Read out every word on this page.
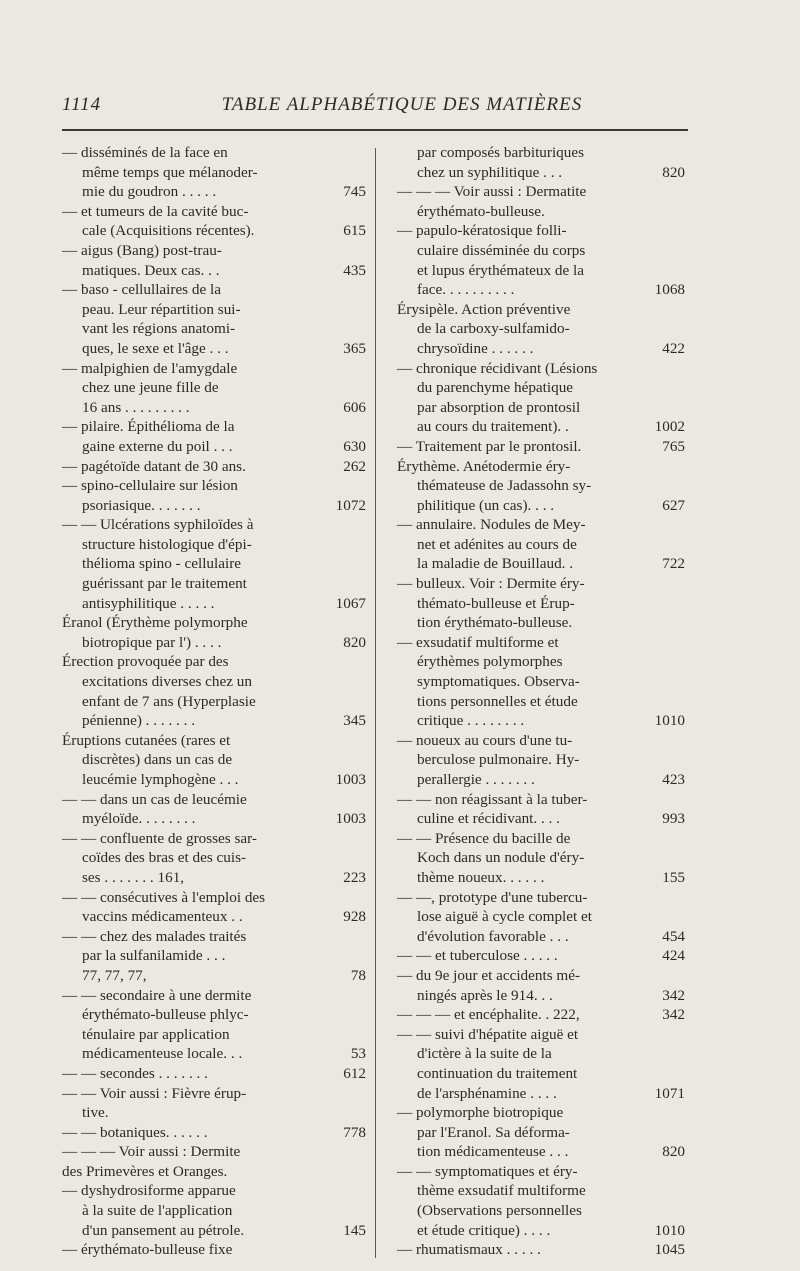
1114	TABLE ALPHABÉTIQUE DES MATIÈRES
— disséminés de la face en
même temps que mélanoder-
mie du goudron . . . . .	745
— et tumeurs de la cavité buc-
cale (Acquisitions récentes).	615
— aigus (Bang) post-trau-
matiques. Deux cas. . .	435
— baso - cellullaires de la
peau. Leur répartition sui-
vant les régions anatomi-
ques, le sexe et l'âge . . .	365
— malpighien de l'amygdale
chez une jeune fille de
16 ans . . . . . . . . .	606
— pilaire. Épithélioma de la
gaine externe du poil . . .	630
— pagétoïde datant de 30 ans.	262
— spino-cellulaire sur lésion
psoriasique. . . . . . .	1072
— — Ulcérations syphiloïdes à
structure histologique d'épi-
thélioma spino - cellulaire
guérissant par le traitement
antisyphilitique . . . . .	1067
Éranol (Érythème polymorphe
biotropique par l') . . . .	820
Érection provoquée par des
excitations diverses chez un
enfant de 7 ans (Hyperplasie
pénienne) . . . . . . .	345
Éruptions cutanées (rares et
discrètes) dans un cas de
leucémie lymphogène . . .	1003
— — dans un cas de leucémie
myéloïde. . . . . . . .	1003
— — confluente de grosses sar-
coïdes des bras et des cuis-
ses . . . . . . . 161,	223
— — consécutives à l'emploi des
vaccins médicamenteux . .	928
— — chez des malades traités
par la sulfanilamide . . .
77, 77, 77,	78
— — secondaire à une dermite
érythémato-bulleuse phlyc-
ténulaire par application
médicamenteuse locale. . .	53
— — secondes . . . . . . .	612
— — Voir aussi : Fièvre érup-
tive.
— — botaniques. . . . . .	778
— — — Voir aussi : Dermite
des Primevères et Oranges.
— dyshydrosiforme apparue
à la suite de l'application
d'un pansement au pétrole.	145
— érythémato-bulleuse fixe
par composés barbituriques
chez un syphilitique . . .	820
— — — Voir aussi : Dermatite
érythémato-bulleuse.
— papulo-kératosique folli-
culaire disséminée du corps
et lupus érythémateux de la
face. . . . . . . . . .	1068
Érysipèle. Action préventive
de la carboxy-sulfamido-
chrysoïdine . . . . . .	422
— chronique récidivant (Lésions
du parenchyme hépatique
par absorption de prontosil
au cours du traitement). .	1002
— Traitement par le prontosil.	765
Érythème. Anétodermie éry-
thémateuse de Jadassohn sy-
philitique (un cas). . . .	627
— annulaire. Nodules de Mey-
net et adénites au cours de
la maladie de Bouillaud. .	722
— bulleux. Voir : Dermite éry-
thémato-bulleuse et Érup-
tion érythémato-bulleuse.
— exsudatif multiforme et
érythèmes polymorphes
symptomatiques. Observa-
tions personnelles et étude
critique . . . . . . . .	1010
— noueux au cours d'une tu-
berculose pulmonaire. Hy-
perallergie . . . . . . .	423
— — non réagissant à la tuber-
culine et récidivant. . . .	993
— — Présence du bacille de
Koch dans un nodule d'éry-
thème noueux. . . . . .	155
— —, prototype d'une tubercu-
lose aiguë à cycle complet et
d'évolution favorable . . .	454
— — et tuberculose . . . . .	424
— du 9e jour et accidents mé-
ningés après le 914. . .	342
— — — et encéphalite. . 222,	342
— — suivi d'hépatite aiguë et
d'ictère à la suite de la
continuation du traitement
de l'arsphénamine . . . .	1071
— polymorphe biotropique
par l'Eranol. Sa déforma-
tion médicamenteuse . . .	820
— — symptomatiques et éry-
thème exsudatif multiforme
(Observations personnelles
et étude critique) . . . .	1010
— rhumatismaux . . . . .	1045
